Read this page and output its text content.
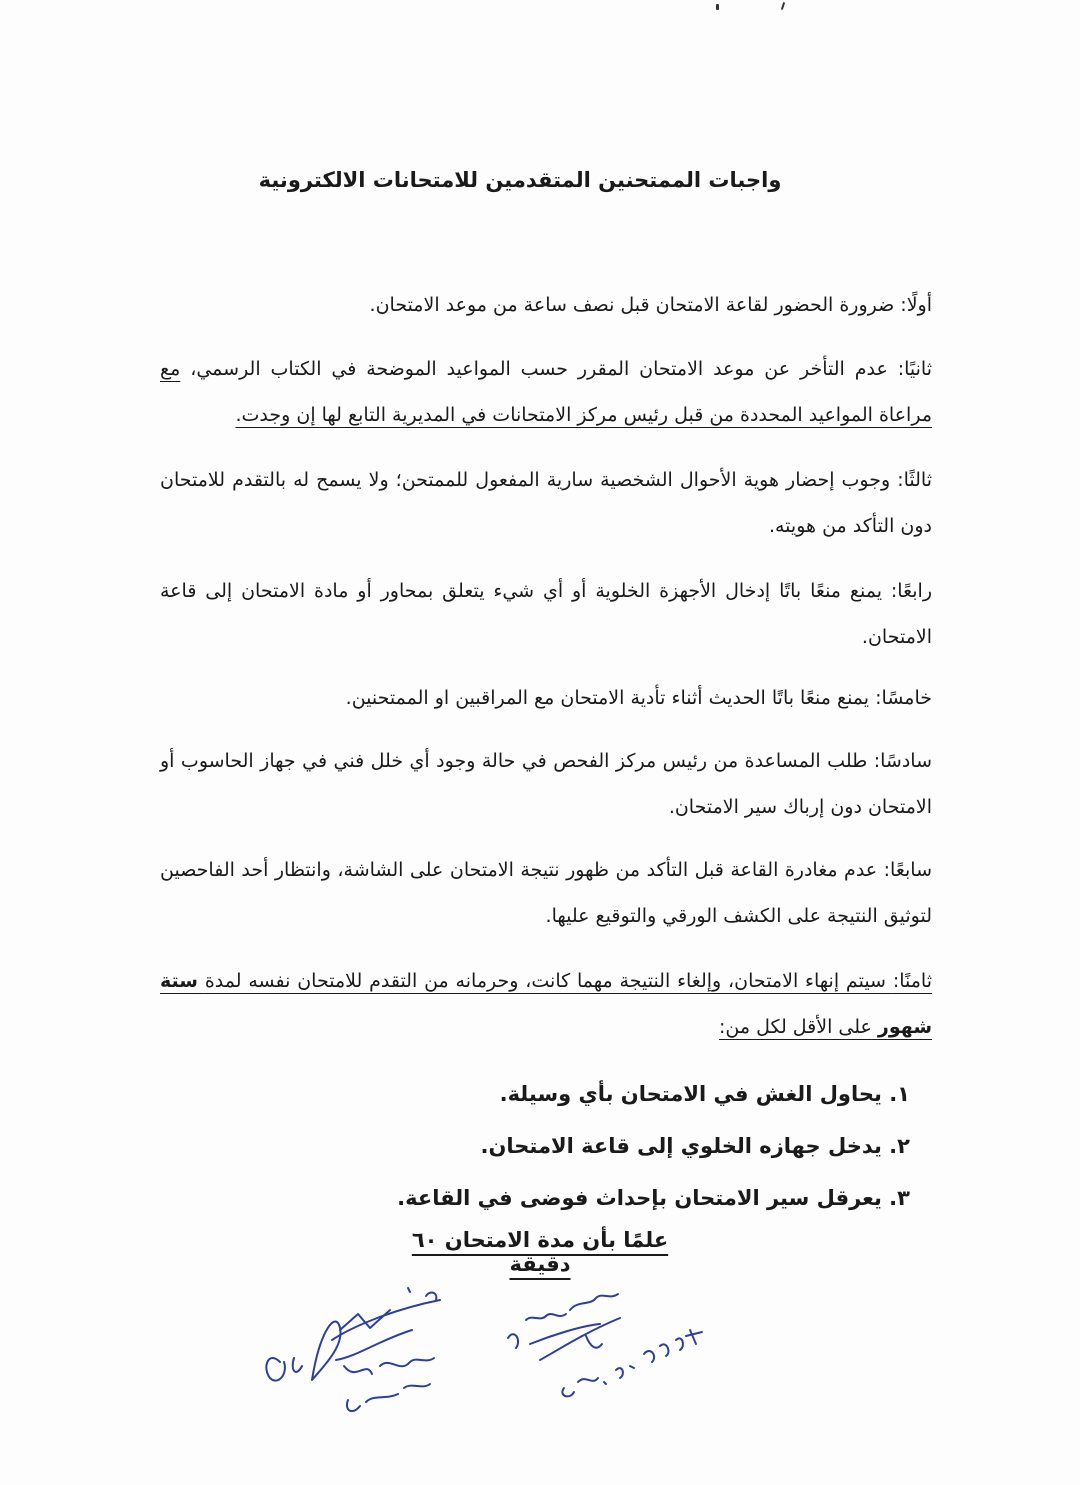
واجبات الممتحنين المتقدمين للامتحانات الالكترونية

أولًا: ضرورة الحضور لقاعة الامتحان قبل نصف ساعة من موعد الامتحان.

ثانيًا: عدم التأخر عن موعد الامتحان المقرر حسب المواعيد الموضحة في الكتاب الرسمي، مع مراعاة المواعيد المحددة من قبل رئيس مركز الامتحانات في المديرية التابع لها إن وجدت.

ثالثًا: وجوب إحضار هوية الأحوال الشخصية سارية المفعول للممتحن؛ ولا يسمح له بالتقدم للامتحان دون التأكد من هويته.

رابعًا: يمنع منعًا باتًا إدخال الأجهزة الخلوية أو أي شيء يتعلق بمحاور أو مادة الامتحان إلى قاعة الامتحان.

خامسًا: يمنع منعًا باتًا الحديث أثناء تأدية الامتحان مع المراقبين او الممتحنين.

سادسًا: طلب المساعدة من رئيس مركز الفحص في حالة وجود أي خلل فني في جهاز الحاسوب أو الامتحان دون إرباك سير الامتحان.

سابعًا: عدم مغادرة القاعة قبل التأكد من ظهور نتيجة الامتحان على الشاشة، وانتظار أحد الفاحصين لتوثيق النتيجة على الكشف الورقي والتوقيع عليها.

ثامنًا: سيتم إنهاء الامتحان، وإلغاء النتيجة مهما كانت، وحرمانه من التقدم للامتحان نفسه لمدة ستة شهور على الأقل لكل من:

١. يحاول الغش في الامتحان بأي وسيلة.
٢. يدخل جهازه الخلوي إلى قاعة الامتحان.
٣. يعرقل سير الامتحان بإحداث فوضى في القاعة.

علمًا بأن مدة الامتحان ٦٠ دقيقة
